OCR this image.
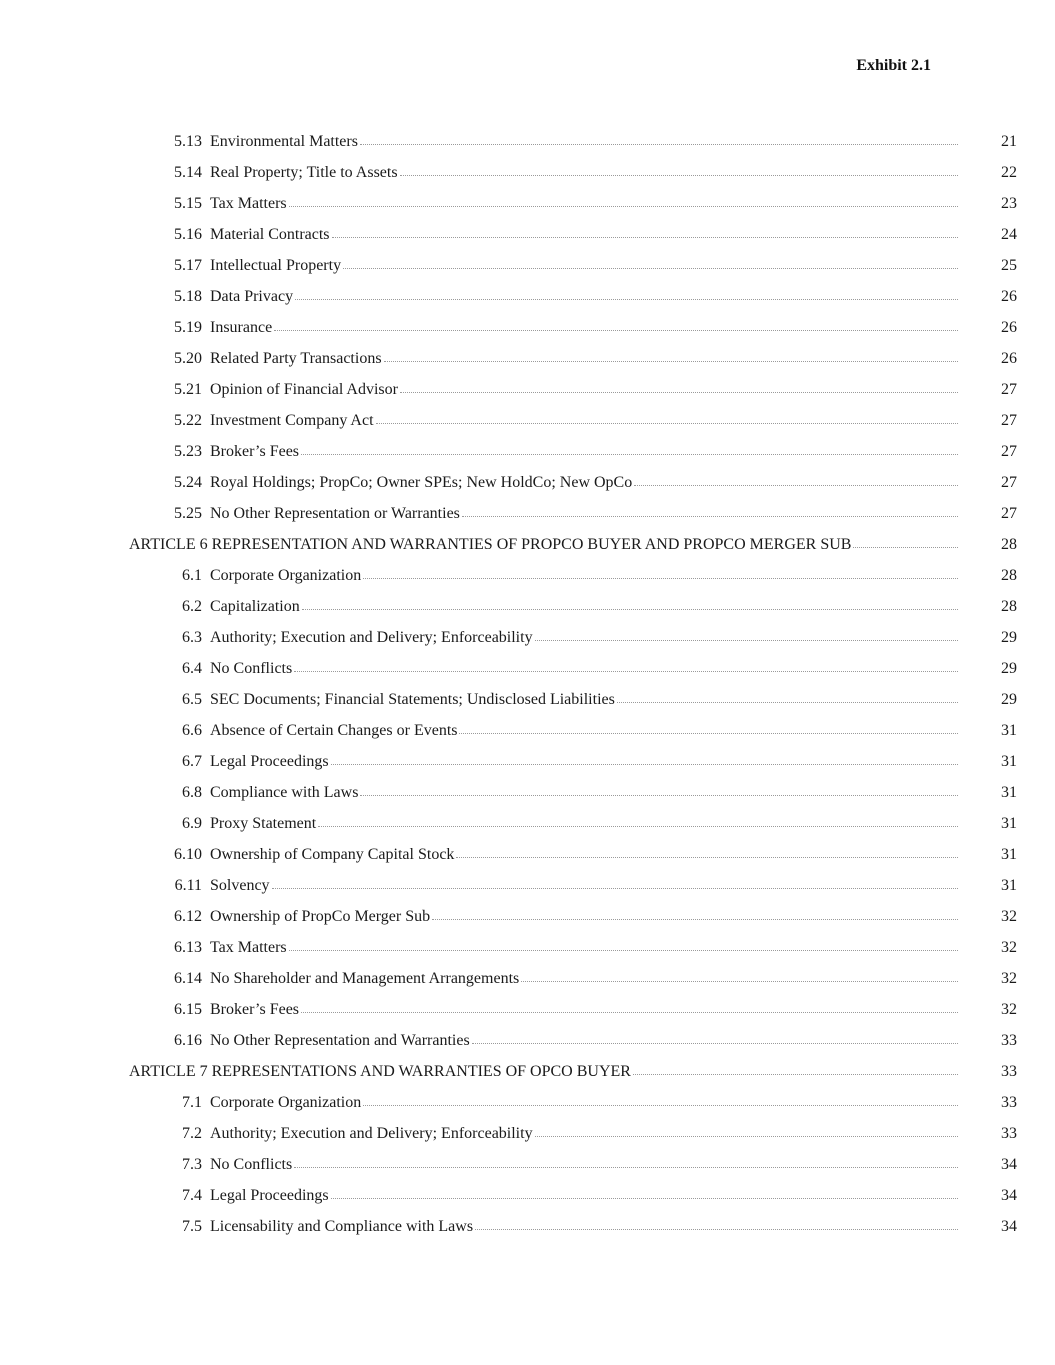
Exhibit 2.1
5.13 Environmental Matters	21
5.14 Real Property; Title to Assets	22
5.15 Tax Matters	23
5.16 Material Contracts	24
5.17 Intellectual Property	25
5.18 Data Privacy	26
5.19 Insurance	26
5.20 Related Party Transactions	26
5.21 Opinion of Financial Advisor	27
5.22 Investment Company Act	27
5.23 Broker’s Fees	27
5.24 Royal Holdings; PropCo; Owner SPEs; New HoldCo; New OpCo	27
5.25 No Other Representation or Warranties	27
ARTICLE 6 REPRESENTATION AND WARRANTIES OF PROPCO BUYER AND PROPCO MERGER SUB	28
6.1 Corporate Organization	28
6.2 Capitalization	28
6.3 Authority; Execution and Delivery; Enforceability	29
6.4 No Conflicts	29
6.5 SEC Documents; Financial Statements; Undisclosed Liabilities	29
6.6 Absence of Certain Changes or Events	31
6.7 Legal Proceedings	31
6.8 Compliance with Laws	31
6.9 Proxy Statement	31
6.10 Ownership of Company Capital Stock	31
6.11 Solvency	31
6.12 Ownership of PropCo Merger Sub	32
6.13 Tax Matters	32
6.14 No Shareholder and Management Arrangements	32
6.15 Broker’s Fees	32
6.16 No Other Representation and Warranties	33
ARTICLE 7 REPRESENTATIONS AND WARRANTIES OF OPCO BUYER	33
7.1 Corporate Organization	33
7.2 Authority; Execution and Delivery; Enforceability	33
7.3 No Conflicts	34
7.4 Legal Proceedings	34
7.5 Licensability and Compliance with Laws	34
